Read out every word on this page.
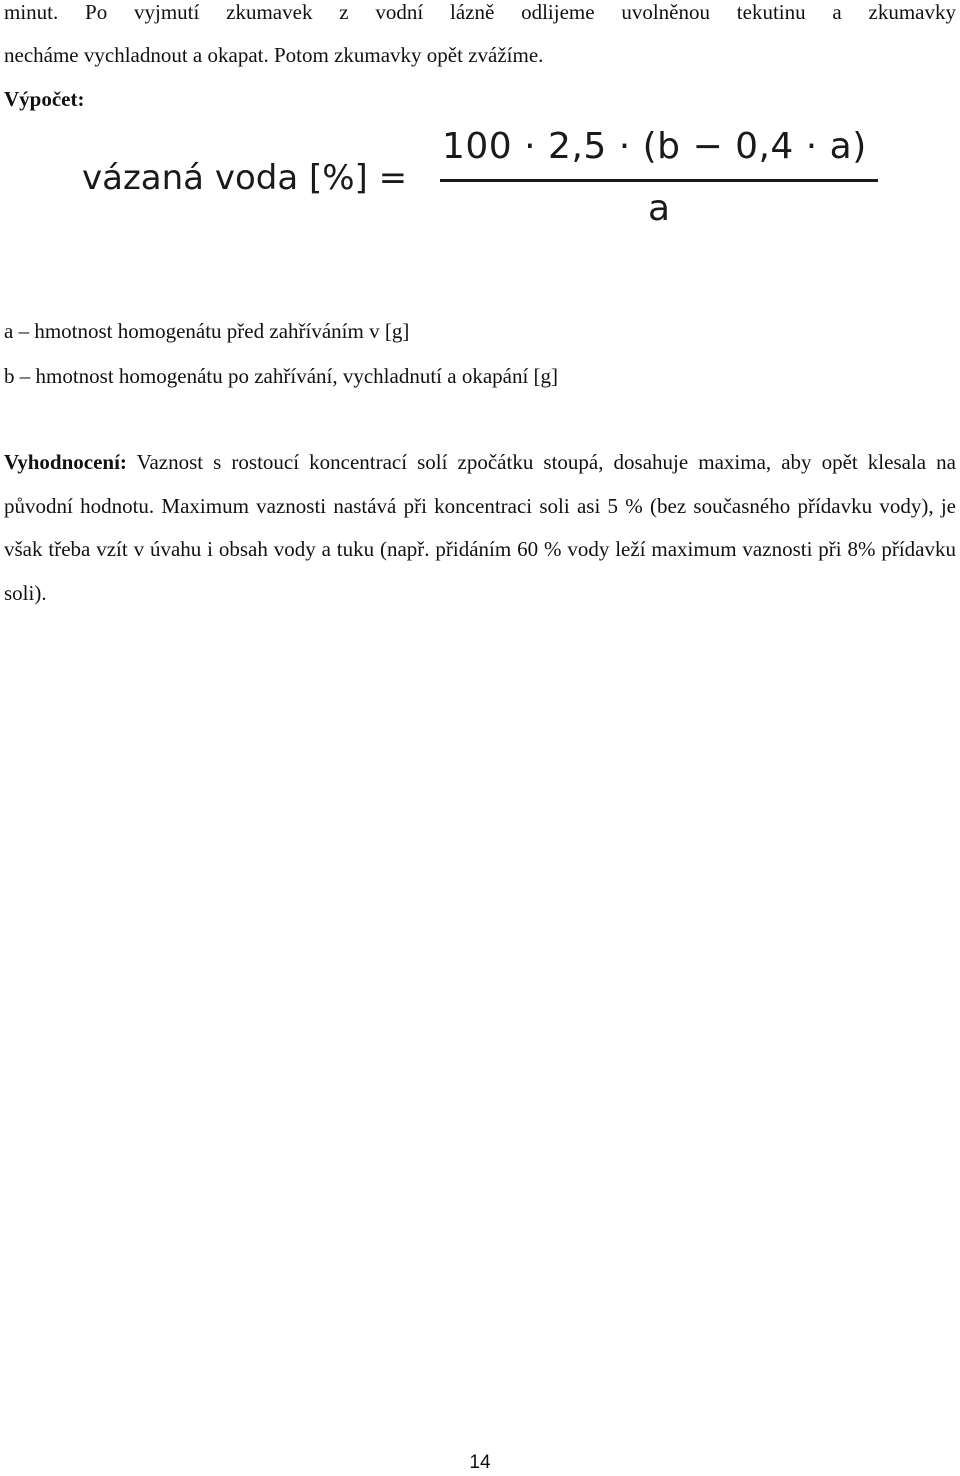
minut. Po vyjmutí zkumavek z vodní lázně odlijeme uvolněnou tekutinu a zkumavky

necháme vychladnout a okapat. Potom zkumavky opět zvážíme.

Výpočet:
vázaná voda [%] =
100 · 2,5 · (b − 0,4 · a)
a
a – hmotnost homogenátu před zahříváním v [g]
b – hmotnost homogenátu po zahřívání, vychladnutí a okapání [g]

Vyhodnocení: Vaznost s rostoucí koncentrací solí zpočátku stoupá, dosahuje maxima, aby opět klesala na původní hodnotu. Maximum vaznosti nastává při koncentraci soli asi 5 % (bez současného přídavku vody), je však třeba vzít v úvahu i obsah vody a tuku (např. přidáním 60 % vody leží maximum vaznosti při 8% přídavku soli).

14
